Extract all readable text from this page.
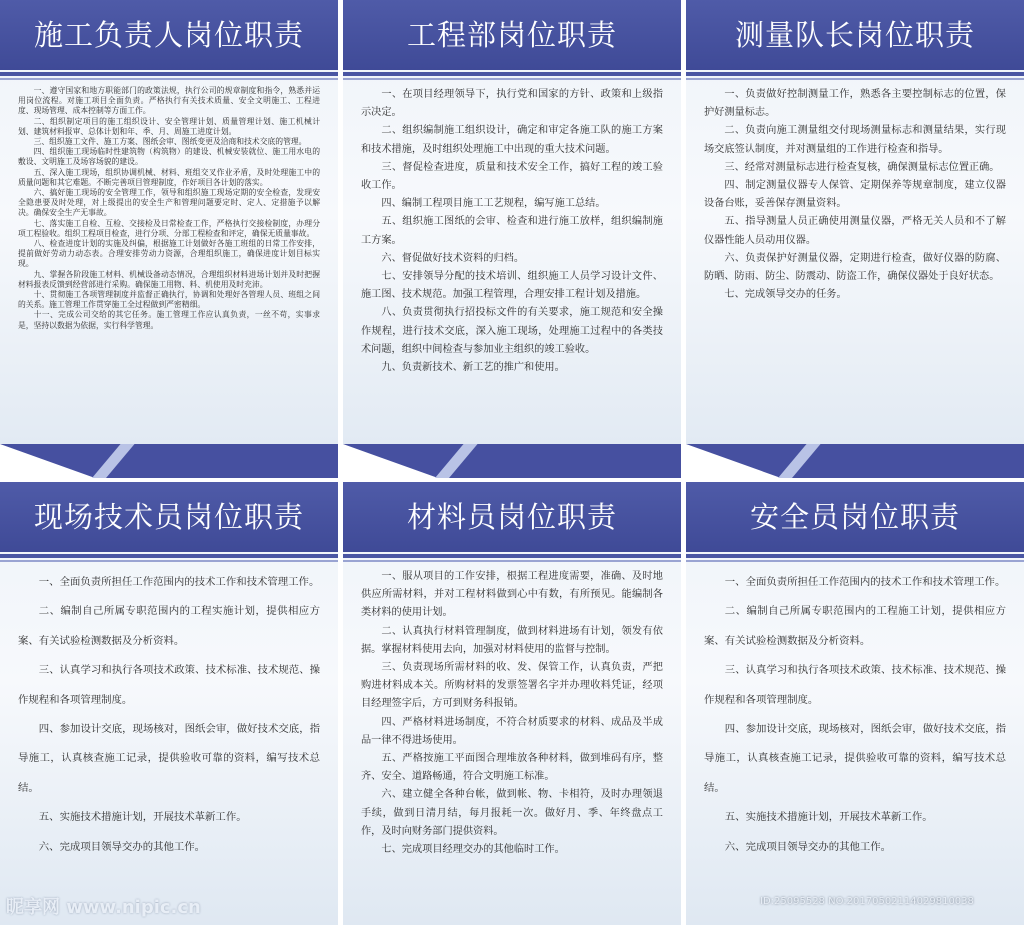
施工负责人岗位职责

一、遵守国家和地方职能部门的政策法规，执行公司的规章制度和指令，熟悉并运用岗位流程。对施工项目全面负责。严格执行有关技术质量、安全文明施工、工程进度、现场管理、成本控制等方面工作。

二、组织制定项目的施工组织设计、安全管理计划、质量管理计划、施工机械计划、建筑材料报审、总体计划和年、季、月、周施工进度计划。

三、组织施工文件、施工方案、图纸会审、图纸变更及洽商和技术交底的管理。

四、组织施工现场临时性建筑物（构筑物）的建设、机械安装就位、施工用水电的敷设、文明施工及场容场貌的建设。

五、深入施工现场，组织协调机械、材料、班组交叉作业矛盾，及时处理施工中的质量问题和其它难题。不断完善项目管理制度，作好项目各计划的落实。

六、搞好施工现场的安全管理工作，领导和组织施工现场定期的安全检查，发现安全隐患要及时处理，对上级提出的安全生产和管理问题要定时、定人、定措施予以解决。确保安全生产无事故。

七、落实施工自检、互检、交接检及日常检查工作，严格执行交接检制度，办理分项工程验收。组织工程项目检查，进行分项、分部工程检查和评定，确保无质量事故。

八、检查进度计划的实施及纠偏，根据施工计划做好各施工班组的日常工作安排，提前做好劳动力动态表。合理安排劳动力资源，合理组织施工，确保进度计划目标实现。

九、掌握各阶段施工材料、机械设备动态情况，合理组织材料进场计划并及时把握材料报表反馈到经营部进行采购。确保施工用物、料、机使用及时充沛。

十、贯彻施工各项管理制度并监督正确执行，协调和处理好各管理人员、班组之间的关系。施工管理工作贯穿施工全过程做到严密精细。

十一、完成公司交给的其它任务。施工管理工作应认真负责，一丝不苟，实事求是，坚持以数据为依据，实行科学管理。

工程部岗位职责

一、在项目经理领导下，执行党和国家的方针、政策和上级指示决定。

二、组织编制施工组织设计，确定和审定各施工队的施工方案和技术措施，及时组织处理施工中出现的重大技术问题。

三、督促检查进度，质量和技术安全工作，搞好工程的竣工验收工作。

四、编制工程项目施工工艺规程，编写施工总结。

五、组织施工图纸的会审、检查和进行施工放样，组织编制施工方案。

六、督促做好技术资料的归档。

七、安排领导分配的技术培训、组织施工人员学习设计文件、施工图、技术规范。加强工程管理，合理安排工程计划及措施。

八、负责贯彻执行招投标文件的有关要求，施工规范和安全操作规程，进行技术交底，深入施工现场，处理施工过程中的各类技术问题，组织中间检查与参加业主组织的竣工验收。

九、负责新技术、新工艺的推广和使用。

测量队长岗位职责

一、负责做好控制测量工作，熟悉各主要控制标志的位置，保护好测量标志。

二、负责向施工测量组交付现场测量标志和测量结果，实行现场交底签认制度，并对测量组的工作进行检查和指导。

三、经常对测量标志进行检查复核，确保测量标志位置正确。

四、制定测量仪器专人保管、定期保养等规章制度，建立仪器设备台账，妥善保存测量资料。

五、指导测量人员正确使用测量仪器，严格无关人员和不了解仪器性能人员动用仪器。

六、负责保护好测量仪器，定期进行检查，做好仪器的防腐、防晒、防雨、防尘、防震动、防盗工作，确保仪器处于良好状态。

七、完成领导交办的任务。

现场技术员岗位职责

一、全面负责所担任工作范围内的技术工作和技术管理工作。

二、编制自己所属专职范围内的工程实施计划，提供相应方案、有关试验检测数据及分析资料。

三、认真学习和执行各项技术政策、技术标准、技术规范、操作规程和各项管理制度。

四、参加设计交底，现场核对，图纸会审，做好技术交底，指导施工，认真核查施工记录，提供验收可靠的资料，编写技术总结。

五、实施技术措施计划，开展技术革新工作。

六、完成项目领导交办的其他工作。

材料员岗位职责

一、服从项目的工作安排，根据工程进度需要，准确、及时地供应所需材料，并对工程材料做到心中有数，有所预见。能编制各类材料的使用计划。

二、认真执行材料管理制度，做到材料进场有计划，领发有依据。掌握材料使用去向，加强对材料使用的监督与控制。

三、负责现场所需材料的收、发、保管工作，认真负责，严把购进材料成本关。所购材料的发票签署名字并办理收料凭证，经项目经理签字后，方可到财务科报销。

四、严格材料进场制度，不符合材质要求的材料、成品及半成品一律不得进场使用。

五、严格按施工平面图合理堆放各种材料，做到堆码有序，整齐、安全、道路畅通，符合文明施工标准。

六、建立健全各种台帐，做到帐、物、卡相符，及时办理领退手续，做到日清月结，每月报耗一次。做好月、季、年终盘点工作，及时向财务部门提供资料。

七、完成项目经理交办的其他临时工作。

安全员岗位职责

一、全面负责所担任工作范围内的技术工作和技术管理工作。

二、编制自己所属专职范围内的工程施工计划，提供相应方案、有关试验检测数据及分析资料。

三、认真学习和执行各项技术政策、技术标准、技术规范、操作规程和各项管理制度。

四、参加设计交底，现场核对，图纸会审，做好技术交底，指导施工，认真核查施工记录，提供验收可靠的资料，编写技术总结。

五、实施技术措施计划，开展技术革新工作。

六、完成项目领导交办的其他工作。

昵享网 www.nipic.cn	ID:25095528 NO:20170502114029810038
